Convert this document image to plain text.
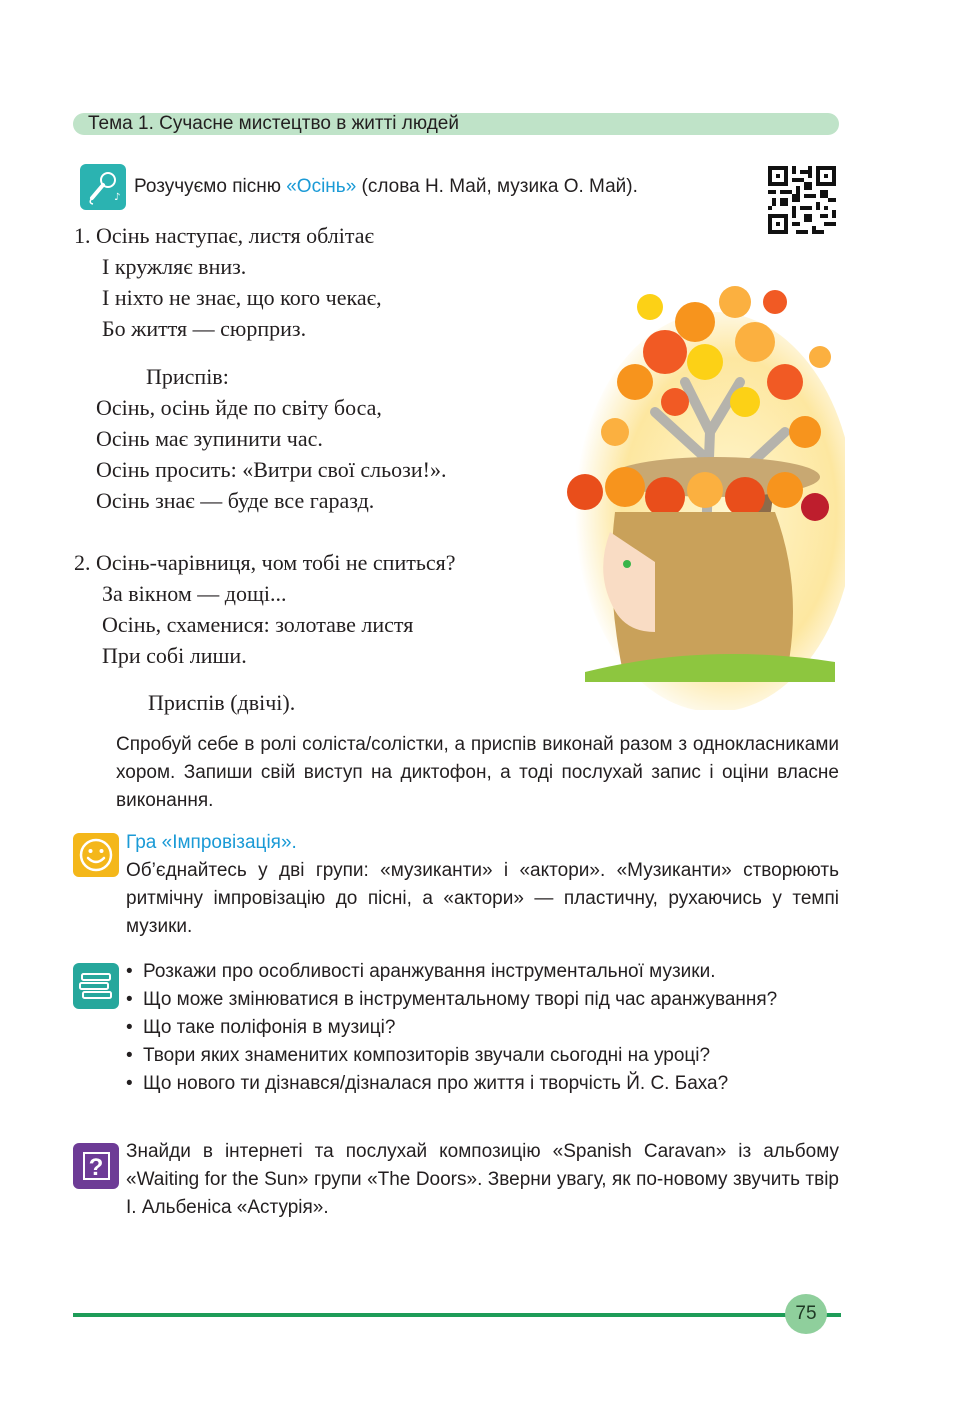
Тема 1. Сучасне мистецтво в житті людей
♪
Розучуємо пісню «Осінь» (слова Н. Май, музика О. Май).
1. Осінь наступає, листя облітає
І кружляє вниз.
І ніхто не знає, що кого чекає,
Бо життя — сюрприз.
Приспів:
Осінь, осінь йде по світу боса,
Осінь має зупинити час.
Осінь просить: «Витри свої сльози!».
Осінь знає — буде все гаразд.
2. Осінь-чарівниця, чом тобі не спиться?
За вікном — дощі...
Осінь, схаменися: золотаве листя
При собі лиши.
Приспів (двічі).
Спробуй себе в ролі соліста/солістки, а приспів виконай разом з однокласниками хором. Запиши свій виступ на диктофон, а тоді послухай запис і оціни власне виконання.
Гра «Імпровізація».
Об’єднайтесь у дві групи: «музиканти» і «актори». «Музиканти» створюють ритмічну імпровізацію до пісні, а «актори» — пластичну, рухаючись у темпі музики.
• Розкажи про особливості аранжування інструментальної музики.
• Що може змінюватися в інструментальному творі під час аранжування?
• Що таке поліфонія в музиці?
• Твори яких знаменитих композиторів звучали сьогодні на уроці?
• Що нового ти дізнався/дізналася про життя і творчість Й. С. Баха?
?
Знайди в інтернеті та послухай композицію «Spanish Caravan» із альбому «Waiting for the Sun» групи «The Doors». Зверни увагу, як по-новому звучить твір І. Альбеніса «Астурія».
75
